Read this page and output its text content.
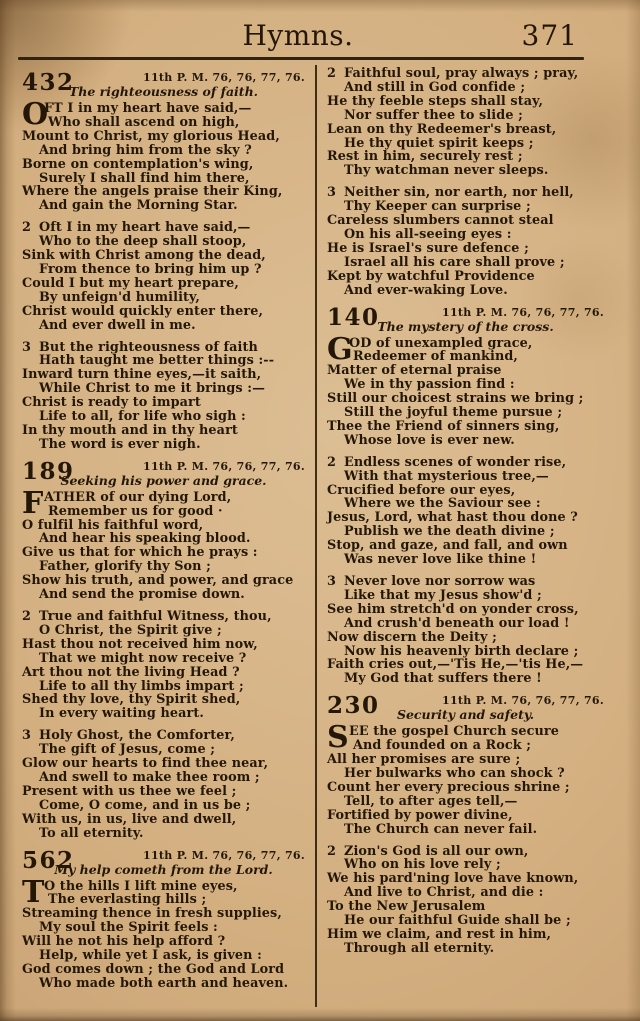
Hymns.	371
432	11th P. M. 76, 76, 77, 76.
The righteousness of faith.
O
FT I in my heart have said,—
Who shall ascend on high,
Mount to Christ, my glorious Head,
And bring him from the sky ?
Borne on contemplation's wing,
Surely I shall find him there,
Where the angels praise their King,
And gain the Morning Star.
2 Oft I in my heart have said,—
Who to the deep shall stoop,
Sink with Christ among the dead,
From thence to bring him up ?
Could I but my heart prepare,
By unfeign'd humility,
Christ would quickly enter there,
And ever dwell in me.
3 But the righteousness of faith
Hath taught me better things :--
Inward turn thine eyes,—it saith,
While Christ to me it brings :—
Christ is ready to impart
Life to all, for life who sigh :
In thy mouth and in thy heart
The word is ever nigh.
189	11th P. M. 76, 76, 77, 76.
Seeking his power and grace.
F ATHER of our dying Lord,
Remember us for good ·
O fulfil his faithful word,
And hear his speaking blood.
Give us that for which he prays :
Father, glorify thy Son ;
Show his truth, and power, and grace
And send the promise down.
2 True and faithful Witness, thou,
O Christ, the Spirit give ;
Hast thou not received him now,
That we might now receive ?
Art thou not the living Head ?
Life to all thy limbs impart ;
Shed thy love, thy Spirit shed,
In every waiting heart.
3 Holy Ghost, the Comforter,
The gift of Jesus, come ;
Glow our hearts to find thee near,
And swell to make thee room ;
Present with us thee we feel ;
Come, O come, and in us be ;
With us, in us, live and dwell,
To all eternity.
562	11th P. M. 76, 76, 77, 76.
My help cometh from the Lord.
T O the hills I lift mine eyes,
The everlasting hills ;
Streaming thence in fresh supplies,
My soul the Spirit feels :
Will he not his help afford ?
Help, while yet I ask, is given :
God comes down ; the God and Lord
Who made both earth and heaven.
2 Faithful soul, pray always ; pray,
And still in God confide ;
He thy feeble steps shall stay,
Nor suffer thee to slide ;
Lean on thy Redeemer's breast,
He thy quiet spirit keeps ;
Rest in him, securely rest ;
Thy watchman never sleeps.
3 Neither sin, nor earth, nor hell,
Thy Keeper can surprise ;
Careless slumbers cannot steal
On his all-seeing eyes :
He is Israel's sure defence ;
Israel all his care shall prove ;
Kept by watchful Providence
And ever-waking Love.
140	11th P. M. 76, 76, 77, 76.
The mystery of the cross.
G
OD of unexampled grace,
Redeemer of mankind,
Matter of eternal praise
We in thy passion find :
Still our choicest strains we bring ;
Still the joyful theme pursue ;
Thee the Friend of sinners sing,
Whose love is ever new.
2 Endless scenes of wonder rise,
With that mysterious tree,—
Crucified before our eyes,
Where we the Saviour see :
Jesus, Lord, what hast thou done ?
Publish we the death divine ;
Stop, and gaze, and fall, and own
Was never love like thine !
3 Never love nor sorrow was
Like that my Jesus show'd ;
See him stretch'd on yonder cross,
And crush'd beneath our load !
Now discern the Deity ;
Now his heavenly birth declare ;
Faith cries out,—'Tis He,—'tis He,—
My God that suffers there !
230	11th P. M. 76, 76, 77, 76.
Security and safety.
S EE the gospel Church secure
And founded on a Rock ;
All her promises are sure ;
Her bulwarks who can shock ?
Count her every precious shrine ;
Tell, to after ages tell,—
Fortified by power divine,
The Church can never fail.
2 Zion's God is all our own,
Who on his love rely ;
We his pard'ning love have known,
And live to Christ, and die :
To the New Jerusalem
He our faithful Guide shall be ;
Him we claim, and rest in him,
Through all eternity.
